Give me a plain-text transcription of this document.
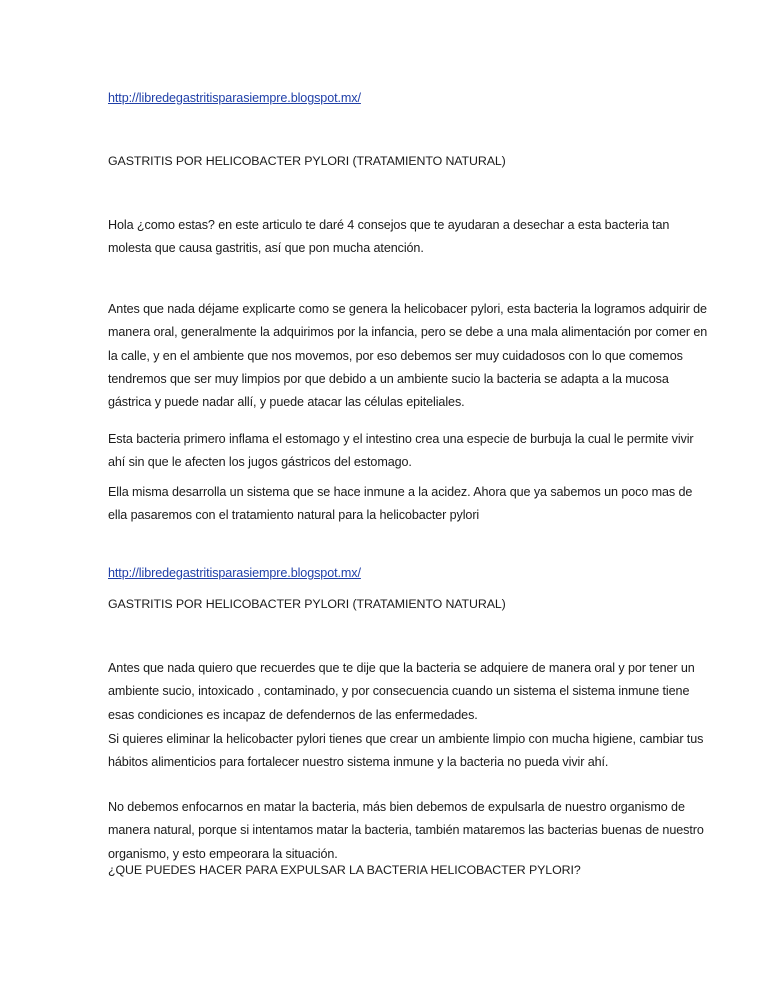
http://libredegastritisparasiempre.blogspot.mx/

GASTRITIS POR HELICOBACTER PYLORI (TRATAMIENTO NATURAL)

Hola ¿como estas? en este articulo te daré 4 consejos que te ayudaran a desechar a esta bacteria tan molesta que causa gastritis, así que pon mucha atención.

Antes que nada déjame explicarte como se genera la helicobacer pylori, esta bacteria la logramos adquirir de manera oral, generalmente la adquirimos por la infancia, pero se debe a una mala alimentación por comer en la calle, y en el ambiente que nos movemos, por eso debemos ser muy cuidadosos con lo que comemos tendremos que ser muy limpios por que debido a un ambiente sucio la bacteria se adapta a la mucosa gástrica y puede nadar allí, y puede atacar las células epiteliales.

Esta bacteria primero inflama el estomago y el intestino crea una especie de burbuja la cual le permite vivir ahí sin que le afecten los jugos gástricos del estomago.

Ella misma desarrolla un sistema que se hace inmune a la acidez. Ahora que ya sabemos un poco mas de ella pasaremos con el tratamiento natural para la helicobacter pylori

http://libredegastritisparasiempre.blogspot.mx/

GASTRITIS POR HELICOBACTER PYLORI (TRATAMIENTO NATURAL)

Antes que nada quiero que recuerdes que te dije que la bacteria se adquiere de manera oral y por tener un ambiente sucio, intoxicado , contaminado, y por consecuencia cuando un sistema el sistema inmune tiene esas condiciones es incapaz de defendernos de las enfermedades.

Si quieres eliminar la helicobacter pylori tienes que crear un ambiente limpio con mucha higiene, cambiar tus hábitos alimenticios para fortalecer nuestro sistema inmune y la bacteria no pueda vivir ahí.

No debemos enfocarnos en matar la bacteria, más bien debemos de expulsarla de nuestro organismo de manera natural, porque si intentamos matar la bacteria, también mataremos las bacterias buenas de nuestro organismo, y esto empeorara la situación.

¿QUE PUEDES HACER PARA EXPULSAR LA BACTERIA HELICOBACTER PYLORI?
